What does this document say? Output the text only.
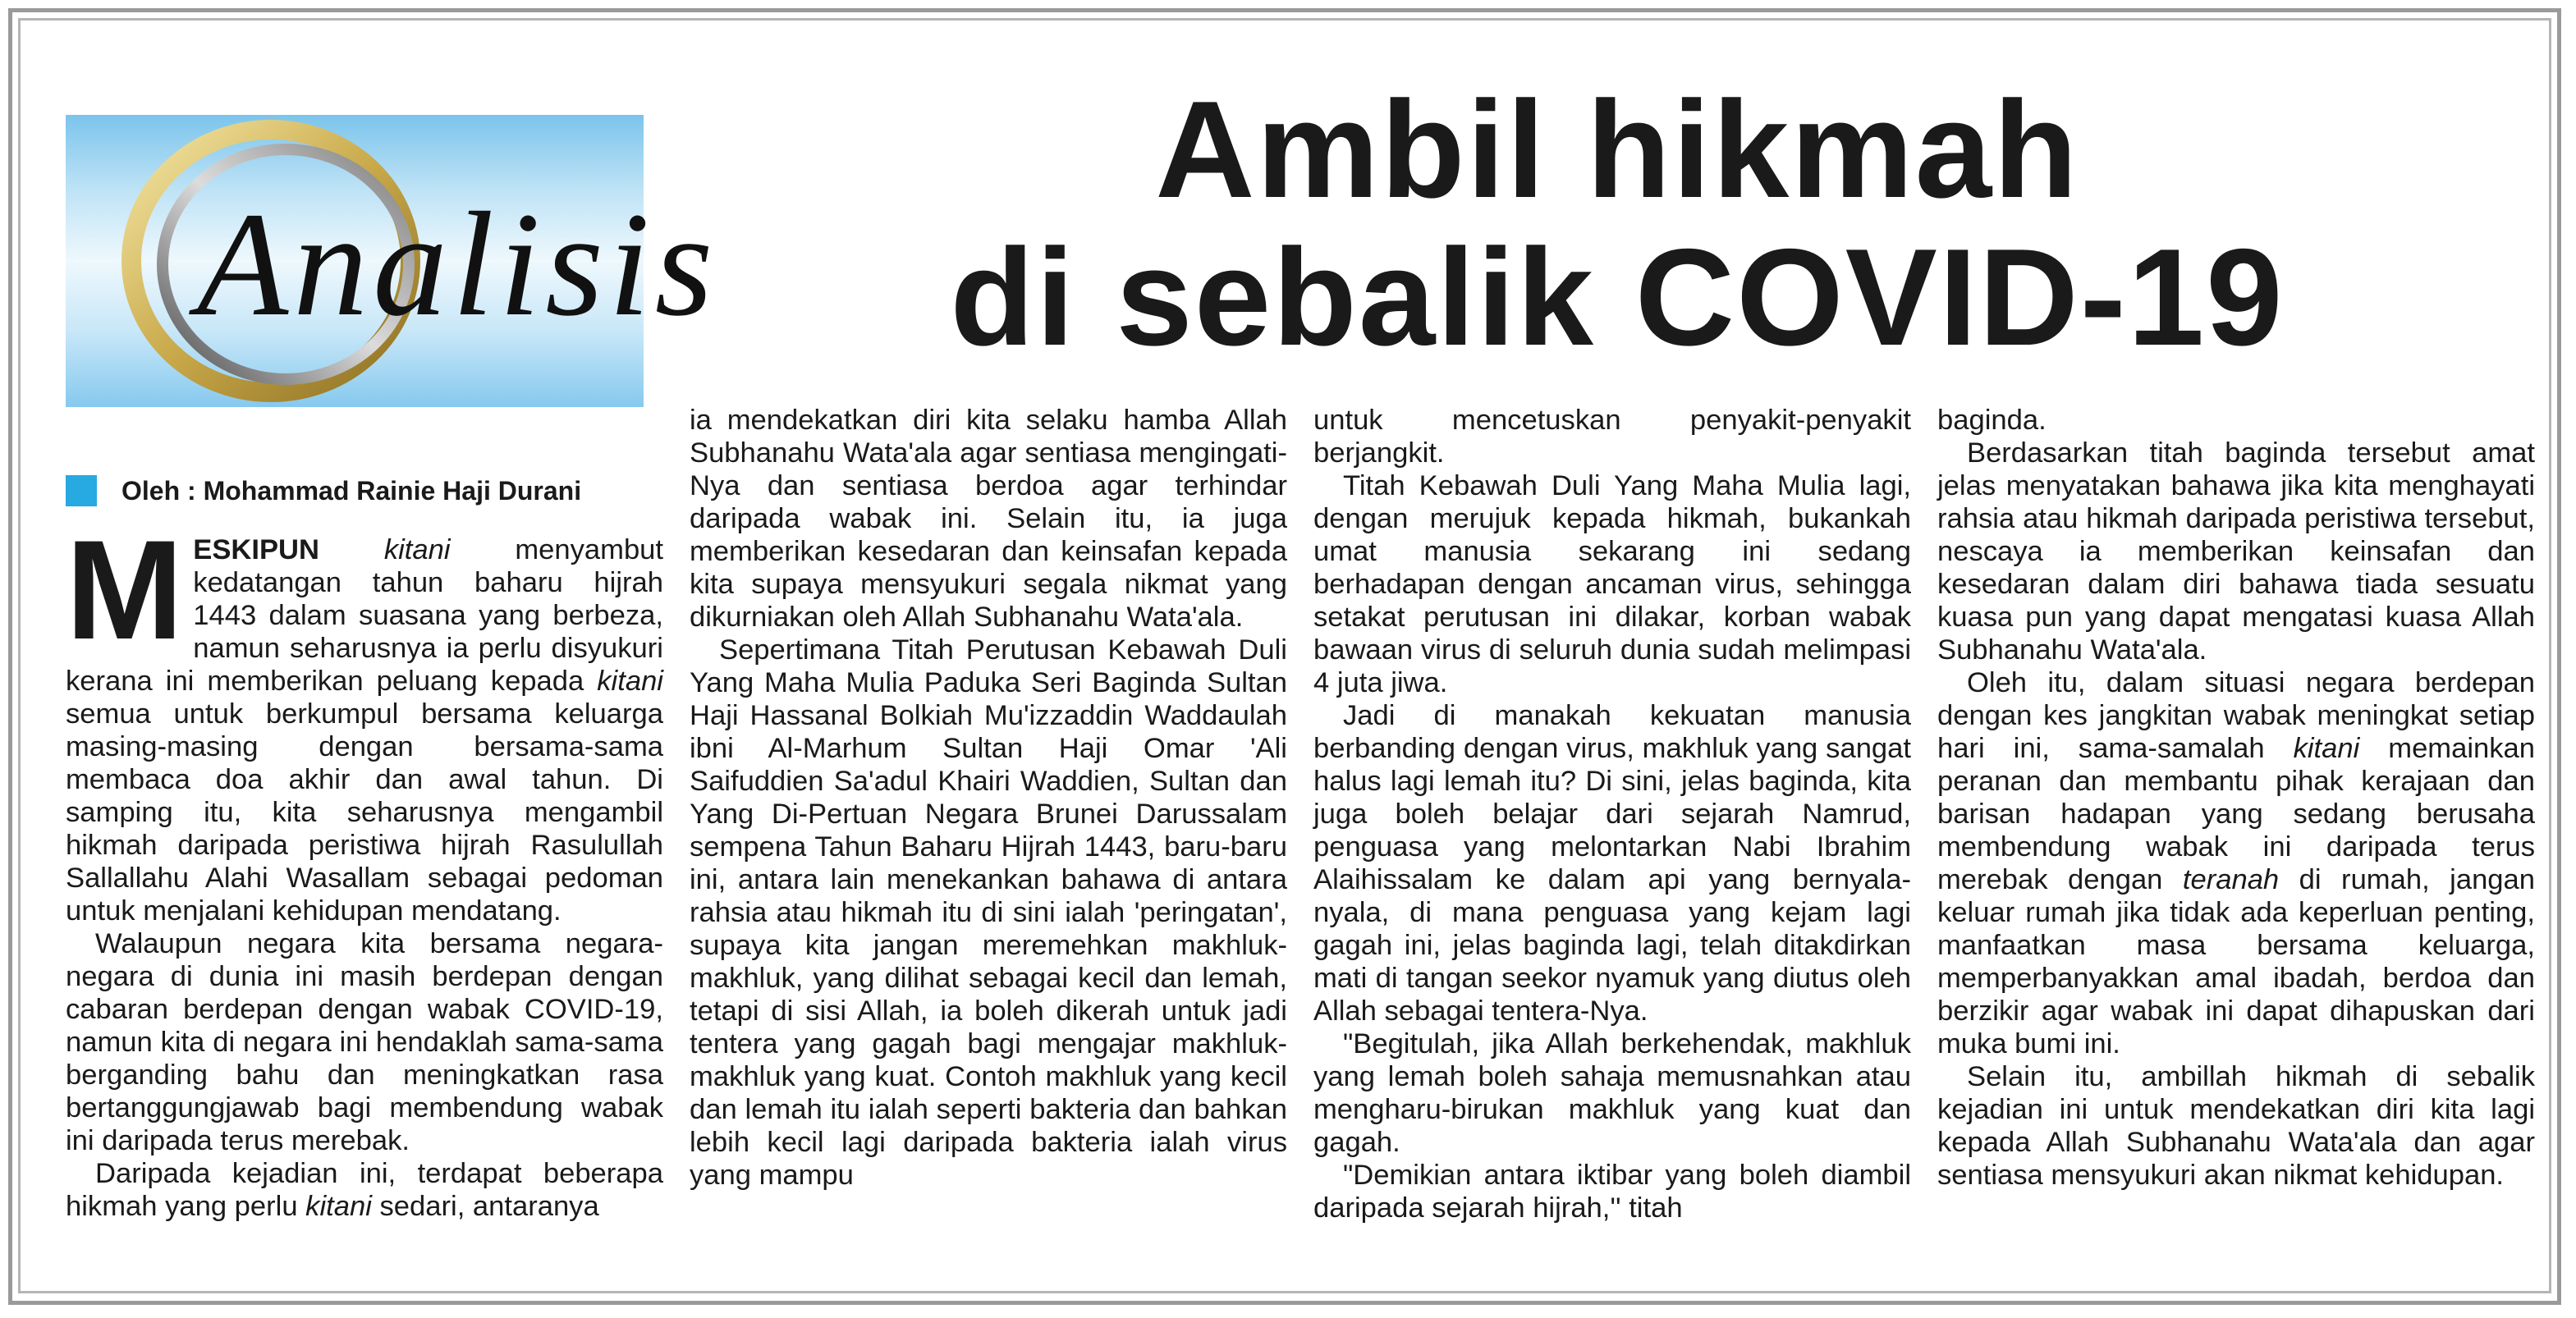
Analisis
Ambil hikmah
di sebalik COVID-19
Oleh : Mohammad Rainie Haji Durani

MESKIPUN kitani menyambut kedatangan tahun baharu hijrah 1443 dalam suasana yang berbeza, namun seharusnya ia perlu disyukuri kerana ini memberikan peluang kepada kitani semua untuk berkumpul bersama keluarga masing-masing dengan bersama-sama membaca doa akhir dan awal tahun. Di samping itu, kita seharusnya mengambil hikmah daripada peristiwa hijrah Rasulullah Sallallahu Alahi Wasallam sebagai pedoman untuk menjalani kehidupan mendatang.

Walaupun negara kita bersama negara-negara di dunia ini masih berdepan dengan cabaran berdepan dengan wabak COVID-19, namun kita di negara ini hendaklah sama-sama berganding bahu dan meningkatkan rasa bertanggungjawab bagi membendung wabak ini daripada terus merebak.

Daripada kejadian ini, terdapat beberapa hikmah yang perlu kitani sedari, antaranya

ia mendekatkan diri kita selaku hamba Allah Subhanahu Wata'ala agar sentiasa mengingati-Nya dan sentiasa berdoa agar terhindar daripada wabak ini. Selain itu, ia juga memberikan kesedaran dan keinsafan kepada kita supaya mensyukuri segala nikmat yang dikurniakan oleh Allah Subhanahu Wata'ala.

Sepertimana Titah Perutusan Kebawah Duli Yang Maha Mulia Paduka Seri Baginda Sultan Haji Hassanal Bolkiah Mu'izzaddin Waddaulah ibni Al-Marhum Sultan Haji Omar 'Ali Saifuddien Sa'adul Khairi Waddien, Sultan dan Yang Di-Pertuan Negara Brunei Darussalam sempena Tahun Baharu Hijrah 1443, baru-baru ini, antara lain menekankan bahawa di antara rahsia atau hikmah itu di sini ialah 'peringatan', supaya kita jangan meremehkan makhluk-makhluk, yang dilihat sebagai kecil dan lemah, tetapi di sisi Allah, ia boleh dikerah untuk jadi tentera yang gagah bagi mengajar makhluk-makhluk yang kuat. Contoh makhluk yang kecil dan lemah itu ialah seperti bakteria dan bahkan lebih kecil lagi daripada bakteria ialah virus yang mampu

untuk mencetuskan penyakit-penyakit berjangkit.

Titah Kebawah Duli Yang Maha Mulia lagi, dengan merujuk kepada hikmah, bukankah umat manusia sekarang ini sedang berhadapan dengan ancaman virus, sehingga setakat perutusan ini dilakar, korban wabak bawaan virus di seluruh dunia sudah melimpasi 4 juta jiwa.

Jadi di manakah kekuatan manusia berbanding dengan virus, makhluk yang sangat halus lagi lemah itu? Di sini, jelas baginda, kita juga boleh belajar dari sejarah Namrud, penguasa yang melontarkan Nabi Ibrahim Alaihissalam ke dalam api yang bernyala-nyala, di mana penguasa yang kejam lagi gagah ini, jelas baginda lagi, telah ditakdirkan mati di tangan seekor nyamuk yang diutus oleh Allah sebagai tentera-Nya.

"Begitulah, jika Allah berkehendak, makhluk yang lemah boleh sahaja memusnahkan atau mengharu-birukan makhluk yang kuat dan gagah.

"Demikian antara iktibar yang boleh diambil daripada sejarah hijrah,'' titah

baginda.

Berdasarkan titah baginda tersebut amat jelas menyatakan bahawa jika kita menghayati rahsia atau hikmah daripada peristiwa tersebut, nescaya ia memberikan keinsafan dan kesedaran dalam diri bahawa tiada sesuatu kuasa pun yang dapat mengatasi kuasa Allah Subhanahu Wata'ala.

Oleh itu, dalam situasi negara berdepan dengan kes jangkitan wabak meningkat setiap hari ini, sama-samalah kitani memainkan peranan dan membantu pihak kerajaan dan barisan hadapan yang sedang berusaha membendung wabak ini daripada terus merebak dengan teranah di rumah, jangan keluar rumah jika tidak ada keperluan penting, manfaatkan masa bersama keluarga, memperbanyakkan amal ibadah, berdoa dan berzikir agar wabak ini dapat dihapuskan dari muka bumi ini.

Selain itu, ambillah hikmah di sebalik kejadian ini untuk mendekatkan diri kita lagi kepada Allah Subhanahu Wata'ala dan agar sentiasa mensyukuri akan nikmat kehidupan.
